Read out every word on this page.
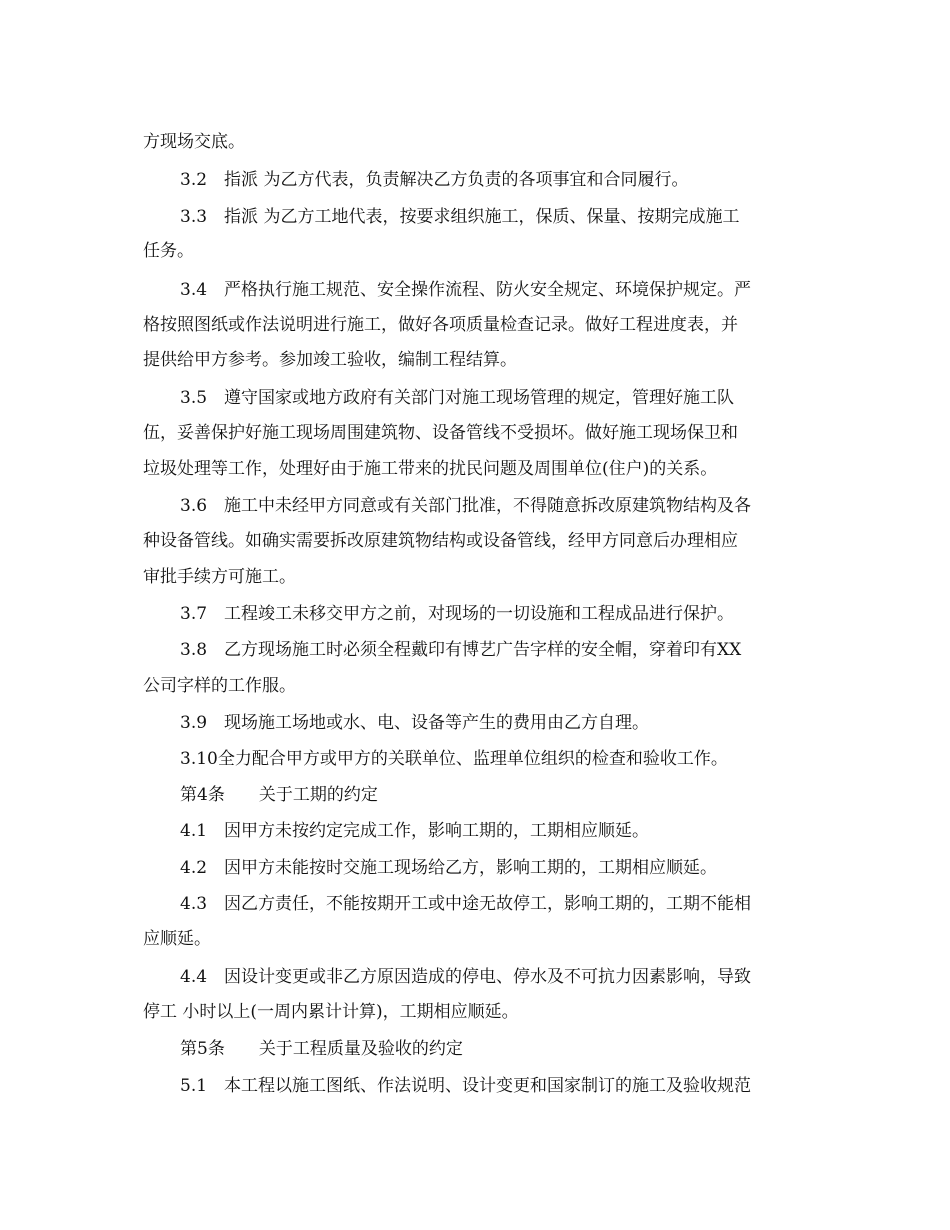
方现场交底。
3.2　指派 为乙方代表，负责解决乙方负责的各项事宜和合同履行。
3.3　指派 为乙方工地代表，按要求组织施工，保质、保量、按期完成施工
任务。
3.4　严格执行施工规范、安全操作流程、防火安全规定、环境保护规定。严
格按照图纸或作法说明进行施工，做好各项质量检查记录。做好工程进度表，并
提供给甲方参考。参加竣工验收，编制工程结算。
3.5　遵守国家或地方政府有关部门对施工现场管理的规定，管理好施工队
伍，妥善保护好施工现场周围建筑物、设备管线不受损坏。做好施工现场保卫和
垃圾处理等工作，处理好由于施工带来的扰民问题及周围单位(住户)的关系。
3.6　施工中未经甲方同意或有关部门批准，不得随意拆改原建筑物结构及各
种设备管线。如确实需要拆改原建筑物结构或设备管线，经甲方同意后办理相应
审批手续方可施工。
3.7　工程竣工未移交甲方之前，对现场的一切设施和工程成品进行保护。
3.8　乙方现场施工时必须全程戴印有博艺广告字样的安全帽，穿着印有XX
公司字样的工作服。
3.9　现场施工场地或水、电、设备等产生的费用由乙方自理。
3.10全力配合甲方或甲方的关联单位、监理单位组织的检查和验收工作。
第4条　　关于工期的约定
4.1　因甲方未按约定完成工作，影响工期的，工期相应顺延。
4.2　因甲方未能按时交施工现场给乙方，影响工期的，工期相应顺延。
4.3　因乙方责任，不能按期开工或中途无故停工，影响工期的，工期不能相
应顺延。
4.4　因设计变更或非乙方原因造成的停电、停水及不可抗力因素影响，导致
停工 小时以上(一周内累计计算)，工期相应顺延。
第5条　　关于工程质量及验收的约定
5.1　本工程以施工图纸、作法说明、设计变更和国家制订的施工及验收规范
